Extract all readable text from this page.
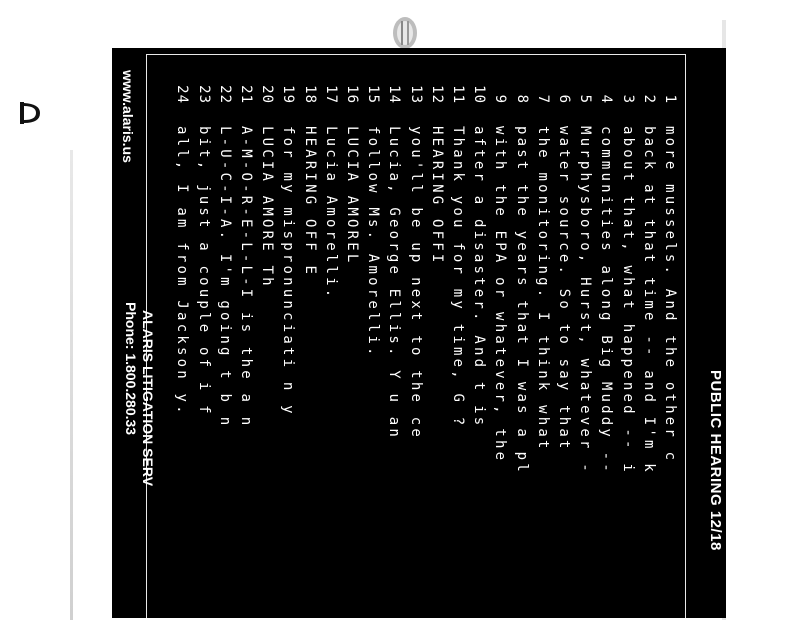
PUBLIC HEARING 12/18
1
more mussels. And the other c
2
back at that time -- and I'm k
3
about that, what happened -- i
4
communities along Big Muddy --
5
Murphysboro, Hurst, whatever -
6
water source. So to say that
7
the monitoring. I think what
8
past the years that I was a pl
9
with the EPA or whatever, the
10
after a disaster. And t is
11
Thank you for my time, G ?
12
HEARING OFFI
13
you'll be up next to the ce
14
Lucia, George Ellis. Y u an
15
follow Ms. Amorelli.
16
LUCIA AMOREL
17
Lucia Amorelli.
18
HEARING OFF E
19
for my mispronunciati n y
20
LUCIA AMORE Th
21
A-M-O-R-E-L-L-I is the a n
22
L-U-C-I-A. I'm going t b n
23
bit, just a couple of i f
24
all, I am from Jackson y.
www.alaris.us
ALARIS LITIGATION SERV
Phone: 1.800.280.33
